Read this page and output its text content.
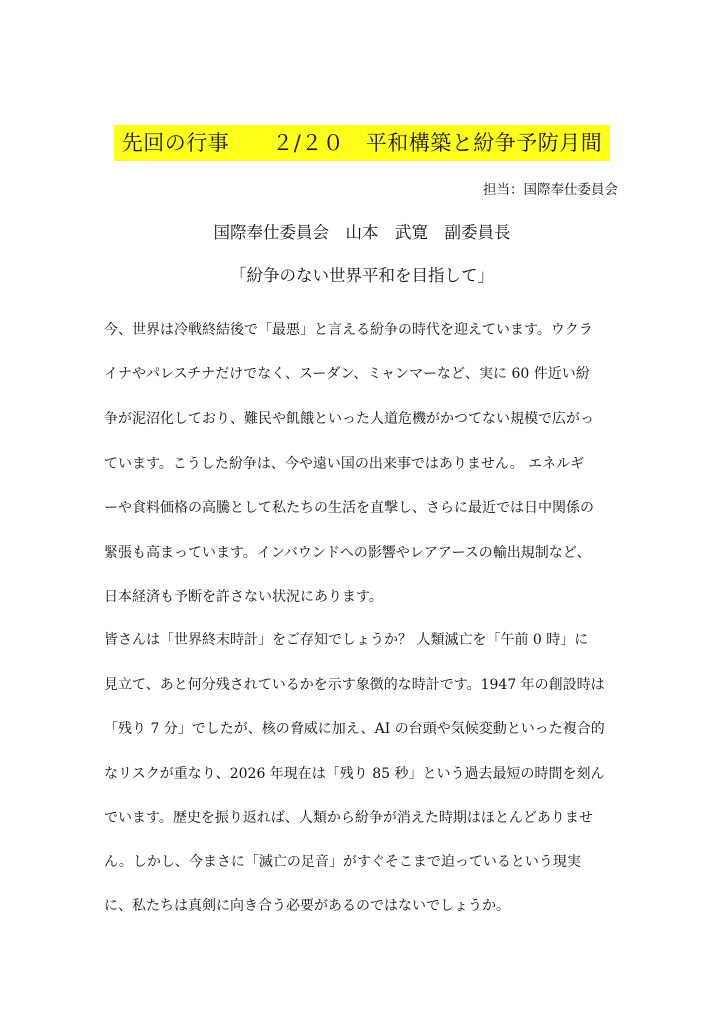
先回の行事　　２/２０　平和構築と紛争予防月間
担当：国際奉仕委員会
国際奉仕委員会　山本　武寛　副委員長
「紛争のない世界平和を目指して」
今、世界は冷戦終結後で「最悪」と言える紛争の時代を迎えています。ウクラ
イナやパレスチナだけでなく、スーダン、ミャンマーなど、実に 60 件近い紛
争が泥沼化しており、難民や飢餓といった人道危機がかつてない規模で広がっ
ています。こうした紛争は、今や遠い国の出来事ではありません。 エネルギ
ーや食料価格の高騰として私たちの生活を直撃し、さらに最近では日中関係の
緊張も高まっています。インバウンドへの影響やレアアースの輸出規制など、
日本経済も予断を許さない状況にあります。
皆さんは「世界終末時計」をご存知でしょうか？ 人類滅亡を「午前 0 時」に
見立て、あと何分残されているかを示す象徴的な時計です。1947 年の創設時は
「残り 7 分」でしたが、核の脅威に加え、AI の台頭や気候変動といった複合的
なリスクが重なり、2026 年現在は「残り 85 秒」という過去最短の時間を刻ん
でいます。歴史を振り返れば、人類から紛争が消えた時期はほとんどありませ
ん。しかし、今まさに「滅亡の足音」がすぐそこまで迫っているという現実
に、私たちは真剣に向き合う必要があるのではないでしょうか。
